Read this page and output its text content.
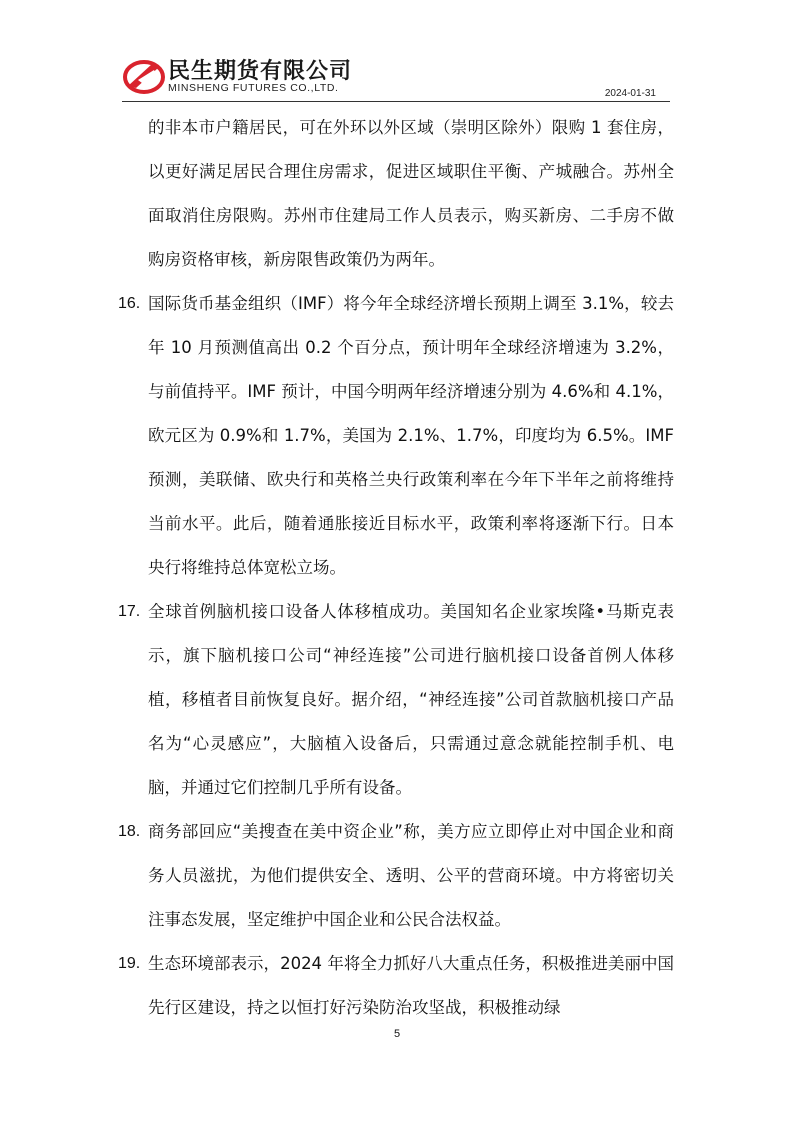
民生期货有限公司
MINSHENG FUTURES CO.,LTD.	2024-01-31
的非本市户籍居民，可在外环以外区域（崇明区除外）限购 1 套住房，以更好满足居民合理住房需求，促进区域职住平衡、产城融合。苏州全面取消住房限购。苏州市住建局工作人员表示，购买新房、二手房不做购房资格审核，新房限售政策仍为两年。
16. 国际货币基金组织（IMF）将今年全球经济增长预期上调至 3.1%，较去年 10 月预测值高出 0.2 个百分点，预计明年全球经济增速为 3.2%，与前值持平。IMF 预计，中国今明两年经济增速分别为 4.6%和 4.1%，欧元区为 0.9%和 1.7%，美国为 2.1%、1.7%，印度均为 6.5%。IMF 预测，美联储、欧央行和英格兰央行政策利率在今年下半年之前将维持当前水平。此后，随着通胀接近目标水平，政策利率将逐渐下行。日本央行将维持总体宽松立场。
17. 全球首例脑机接口设备人体移植成功。美国知名企业家埃隆•马斯克表示，旗下脑机接口公司“神经连接”公司进行脑机接口设备首例人体移植，移植者目前恢复良好。据介绍，“神经连接”公司首款脑机接口产品名为“心灵感应”，大脑植入设备后，只需通过意念就能控制手机、电脑，并通过它们控制几乎所有设备。
18. 商务部回应“美搜查在美中资企业”称，美方应立即停止对中国企业和商务人员滋扰，为他们提供安全、透明、公平的营商环境。中方将密切关注事态发展，坚定维护中国企业和公民合法权益。
19. 生态环境部表示，2024 年将全力抓好八大重点任务，积极推进美丽中国先行区建设，持之以恒打好污染防治攻坚战，积极推动绿
5
